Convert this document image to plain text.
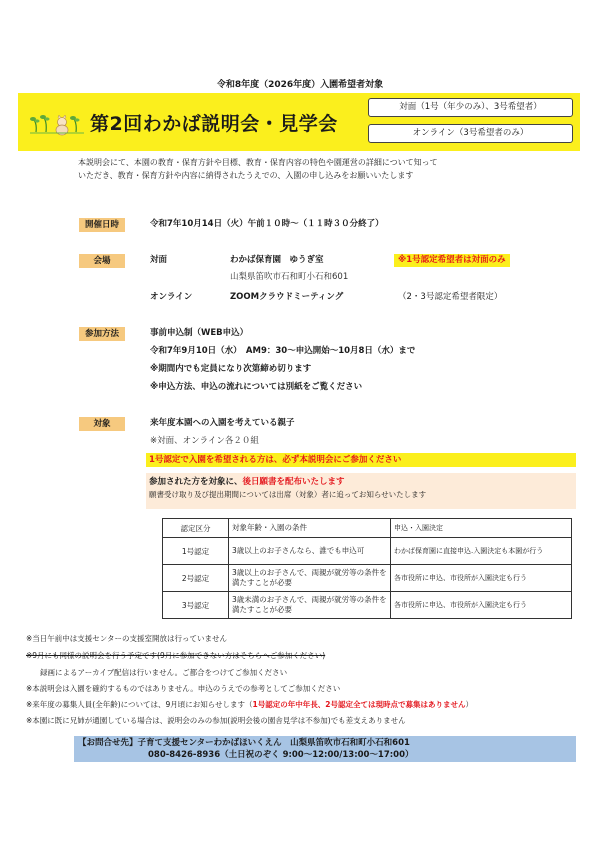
令和8年度（2026年度）入園希望者対象
第2回わかば説明会・見学会
対面（1号（年少のみ）、3号希望者）
オンライン（3号希望者のみ）
本説明会にて、本園の教育・保育方針や目標、教育・保育内容の特色や園運営の詳細について知って
いただき、教育・保育方針や内容に納得されたうえでの、入園の申し込みをお願いいたします
開催日時	令和7年10月14日（火）午前１０時～（１１時３０分終了）
会場	対面	わかば保育園　ゆうぎ室	※1号認定希望者は対面のみ
山梨県笛吹市石和町小石和601
オンライン	ZOOMクラウドミーティング	（2・3号認定希望者限定）
参加方法	事前申込制（WEB申込）
令和7年9月10日（水）　AM9：30～申込開始～10月8日（水）まで
※期間内でも定員になり次第締め切ります
※申込方法、申込の流れについては別紙をご覧ください
対象	来年度本園への入園を考えている親子
※対面、オンライン各２０組
1号認定で入園を希望される方は、必ず本説明会にご参加ください
参加された方を対象に、後日願書を配布いたします
願書受け取り及び提出期間については出席（対象）者に追ってお知らせいたします
認定区分	対象年齢・入園の条件	申込・入園決定
1号認定	3歳以上のお子さんなら、誰でも申込可	わかば保育園に直接申込.入園決定も本園が行う
2号認定	3歳以上のお子さんで、両親が就労等の条件を満たすことが必要	各市役所に申込、市役所が入園決定も行う
3号認定	3歳未満のお子さんで、両親が就労等の条件を満たすことが必要	各市役所に申込、市役所が入園決定も行う
※当日午前中は支援センターの支援室開放は行っていません
※9月にも同様の説明会を行う予定です(9月に参加できない方はそちらへご参加ください)
録画によるアーカイブ配信は行いません。ご都合をつけてご参加ください
※本説明会は入園を確約するものではありません。申込のうえでの参考としてご参加ください
※来年度の募集人員(全年齢)については、9月頃にお知らせします（1号認定の年中年長、2号認定全ては現時点で募集はありません）
※本園に既に兄姉が通園している場合は、説明会のみの参加(説明会後の園舎見学は不参加)でも差支えありません
【お問合せ先】子育て支援センターわかばほいくえん　山梨県笛吹市石和町小石和601
080-8426-8936（土日祝のぞく 9:00～12:00/13:00～17:00）
